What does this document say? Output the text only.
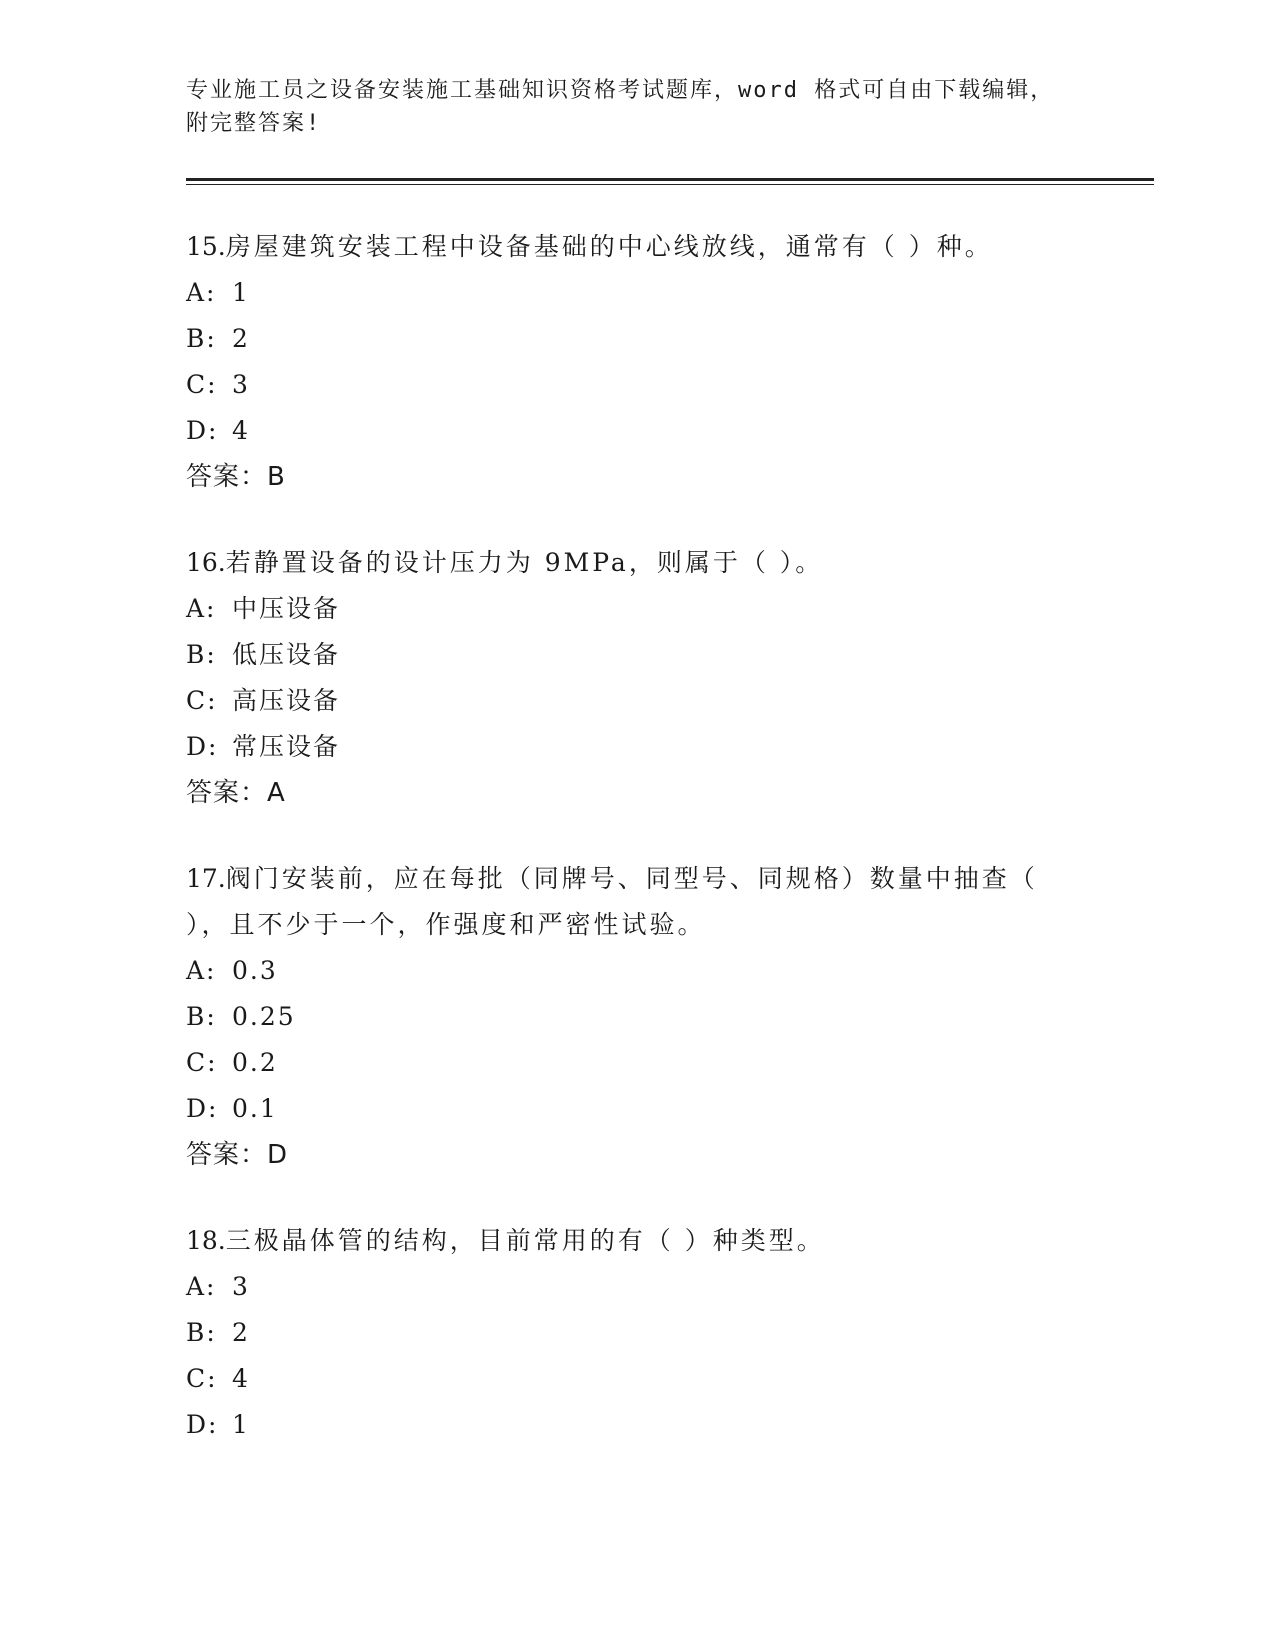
专业施工员之设备安装施工基础知识资格考试题库，word 格式可自由下载编辑，
附完整答案!

15.房屋建筑安装工程中设备基础的中心线放线，通常有（ ）种。

A: 1

B: 2

C: 3

D: 4

答案：B

16.若静置设备的设计压力为 9MPa，则属于（ ）。

A: 中压设备

B: 低压设备

C: 高压设备

D: 常压设备

答案：A

17.阀门安装前，应在每批（同牌号、同型号、同规格）数量中抽查（

），且不少于一个，作强度和严密性试验。

A: 0.3

B: 0.25

C: 0.2

D: 0.1

答案：D

18.三极晶体管的结构，目前常用的有（ ）种类型。

A: 3

B: 2

C: 4

D: 1
